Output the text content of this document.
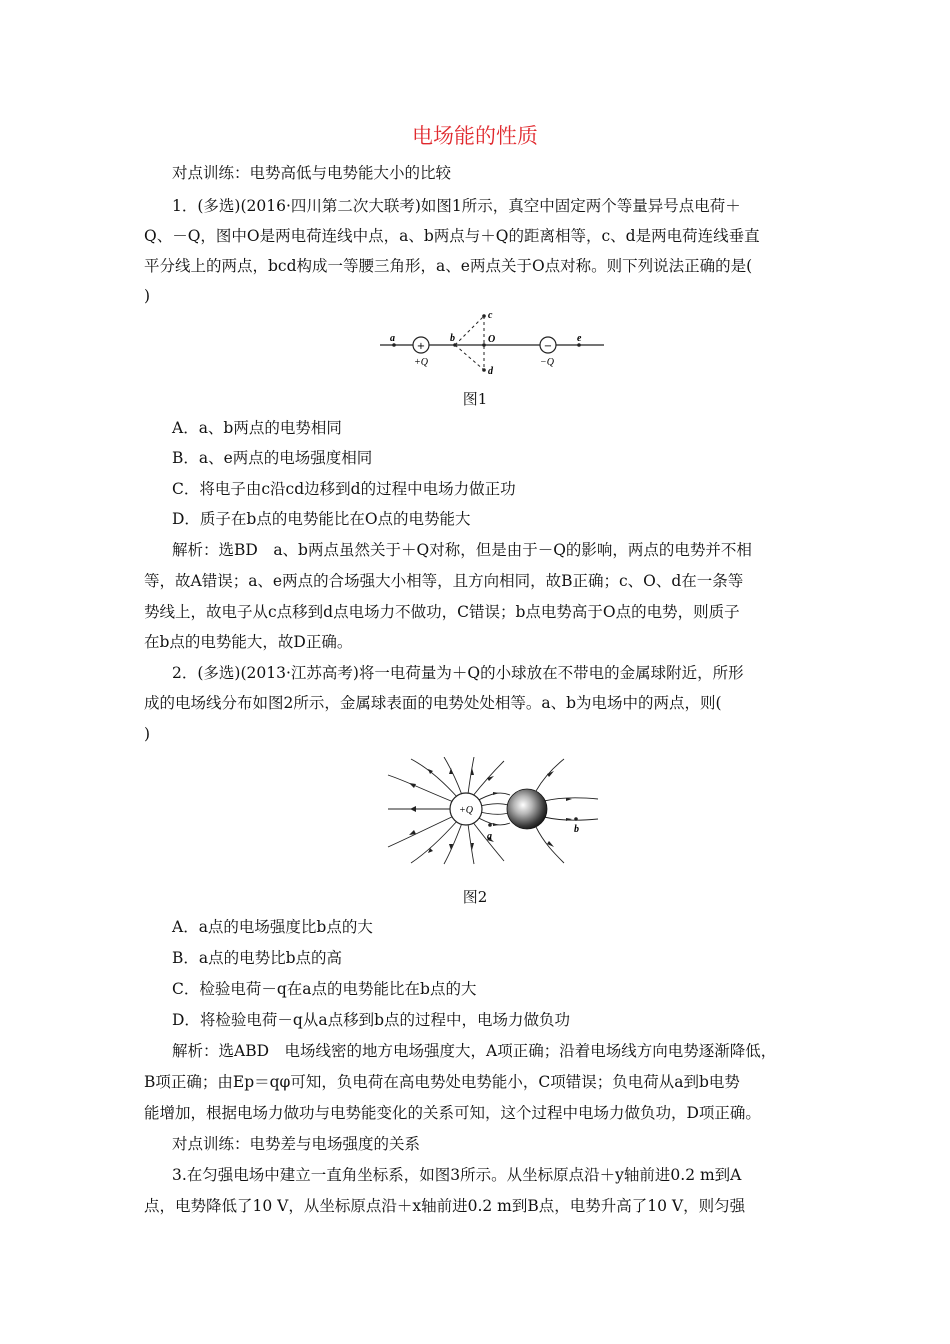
电场能的性质
对点训练：电势高低与电势能大小的比较
1．(多选)(2016·四川第二次大联考)如图1所示，真空中固定两个等量异号点电荷＋
Q、－Q，图中O是两电荷连线中点，a、b两点与＋Q的距离相等，c、d是两电荷连线垂直
平分线上的两点，bcd构成一等腰三角形，a、e两点关于O点对称。则下列说法正确的是(
)
+	−
a	b
c
d
O	e
+Q	−Q
图1
A．a、b两点的电势相同
B．a、e两点的电场强度相同
C．将电子由c沿cd边移到d的过程中电场力做正功
D．质子在b点的电势能比在O点的电势能大
解析：选BD　a、b两点虽然关于＋Q对称，但是由于－Q的影响，两点的电势并不相
等，故A错误；a、e两点的合场强大小相等，且方向相同，故B正确；c、O、d在一条等
势线上，故电子从c点移到d点电场力不做功，C错误；b点电势高于O点的电势，则质子
在b点的电势能大，故D正确。
2．(多选)(2013·江苏高考)将一电荷量为＋Q的小球放在不带电的金属球附近，所形
成的电场线分布如图2所示，金属球表面的电势处处相等。a、b为电场中的两点，则(
)
+Q
a
b
图2
A．a点的电场强度比b点的大
B．a点的电势比b点的高
C．检验电荷－q在a点的电势能比在b点的大
D．将检验电荷－q从a点移到b点的过程中，电场力做负功
解析：选ABD　电场线密的地方电场强度大，A项正确；沿着电场线方向电势逐渐降低，
B项正确；由Ep＝qφ可知，负电荷在高电势处电势能小，C项错误；负电荷从a到b电势
能增加，根据电场力做功与电势能变化的关系可知，这个过程中电场力做负功，D项正确。
对点训练：电势差与电场强度的关系
3.在匀强电场中建立一直角坐标系，如图3所示。从坐标原点沿＋y轴前进0.2 m到A
点，电势降低了10 V，从坐标原点沿＋x轴前进0.2 m到B点，电势升高了10 V，则匀强
